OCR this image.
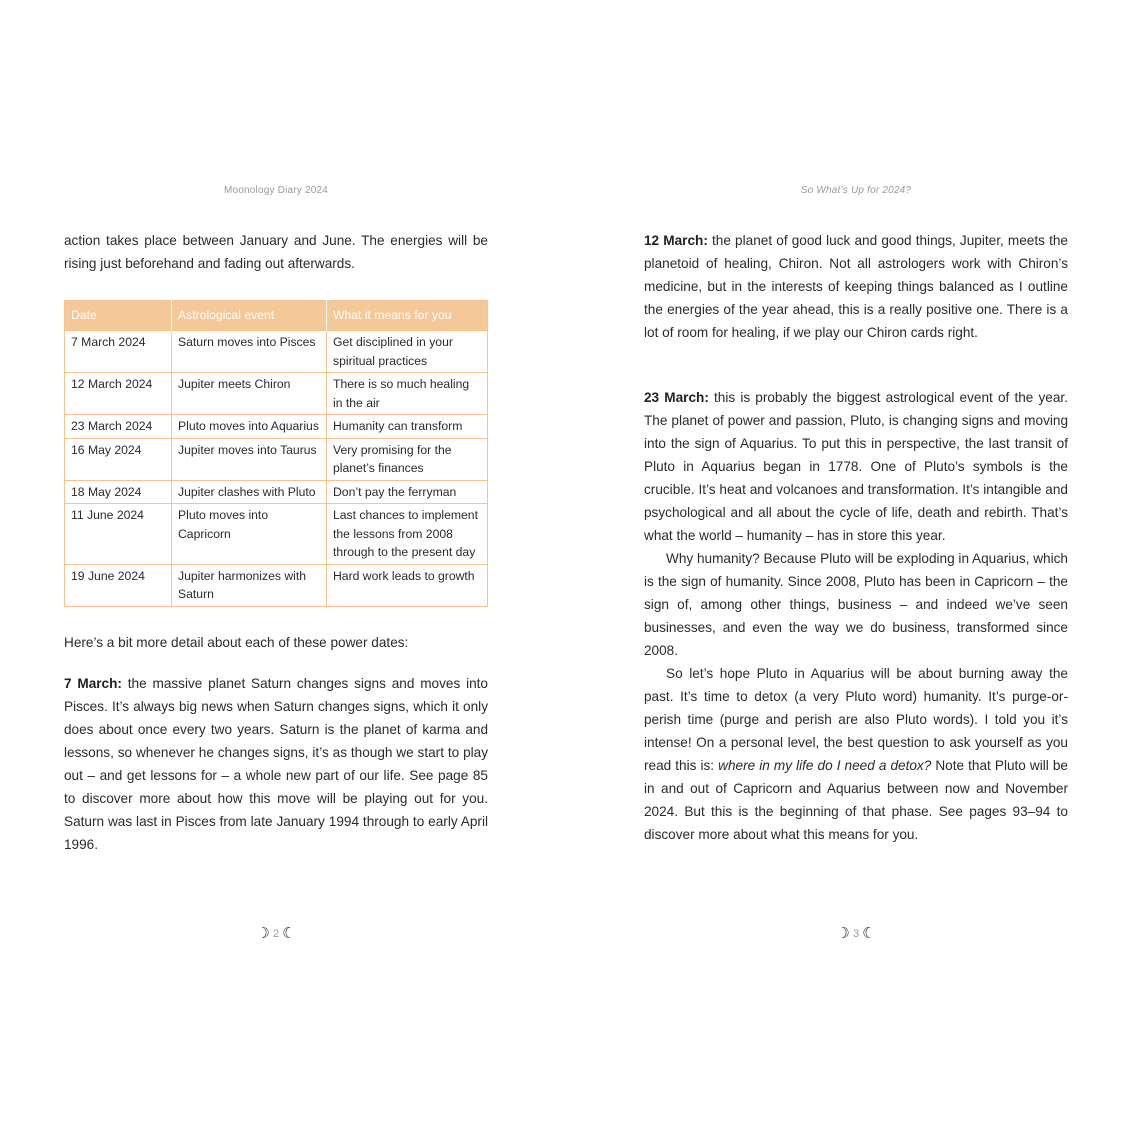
Moonology Diary 2024

action takes place between January and June. The energies will be rising just beforehand and fading out afterwards.

Date	Astrological event	What it means for you
7 March 2024	Saturn moves into Pisces	Get disciplined in your spiritual practices
12 March 2024	Jupiter meets Chiron	There is so much healing in the air
23 March 2024	Pluto moves into Aquarius	Humanity can transform
16 May 2024	Jupiter moves into Taurus	Very promising for the planet’s finances
18 May 2024	Jupiter clashes with Pluto	Don’t pay the ferryman
11 June 2024	Pluto moves into Capricorn	Last chances to implement the lessons from 2008 through to the present day
19 June 2024	Jupiter harmonizes with Saturn	Hard work leads to growth

Here’s a bit more detail about each of these power dates:

7 March: the massive planet Saturn changes signs and moves into Pisces. It’s always big news when Saturn changes signs, which it only does about once every two years. Saturn is the planet of karma and lessons, so whenever he changes signs, it’s as though we start to play out – and get lessons for – a whole new part of our life. See page 85 to discover more about how this move will be playing out for you. Saturn was last in Pisces from late January 1994 through to early April 1996.

☽ 2 ☾
So What’s Up for 2024?

12 March: the planet of good luck and good things, Jupiter, meets the planetoid of healing, Chiron. Not all astrologers work with Chiron’s medicine, but in the interests of keeping things balanced as I outline the energies of the year ahead, this is a really positive one. There is a lot of room for healing, if we play our Chiron cards right.

23 March: this is probably the biggest astrological event of the year. The planet of power and passion, Pluto, is changing signs and moving into the sign of Aquarius. To put this in perspective, the last transit of Pluto in Aquarius began in 1778. One of Pluto’s symbols is the crucible. It’s heat and volcanoes and transformation. It’s intangible and psychological and all about the cycle of life, death and rebirth. That’s what the world – humanity – has in store this year.

Why humanity? Because Pluto will be exploding in Aquarius, which is the sign of humanity. Since 2008, Pluto has been in Capricorn – the sign of, among other things, business – and indeed we’ve seen businesses, and even the way we do business, transformed since 2008.

So let’s hope Pluto in Aquarius will be about burning away the past. It’s time to detox (a very Pluto word) humanity. It’s purge-or-perish time (purge and perish are also Pluto words). I told you it’s intense! On a personal level, the best question to ask yourself as you read this is: where in my life do I need a detox? Note that Pluto will be in and out of Capricorn and Aquarius between now and November 2024. But this is the beginning of that phase. See pages 93–94 to discover more about what this means for you.

☽ 3 ☾
